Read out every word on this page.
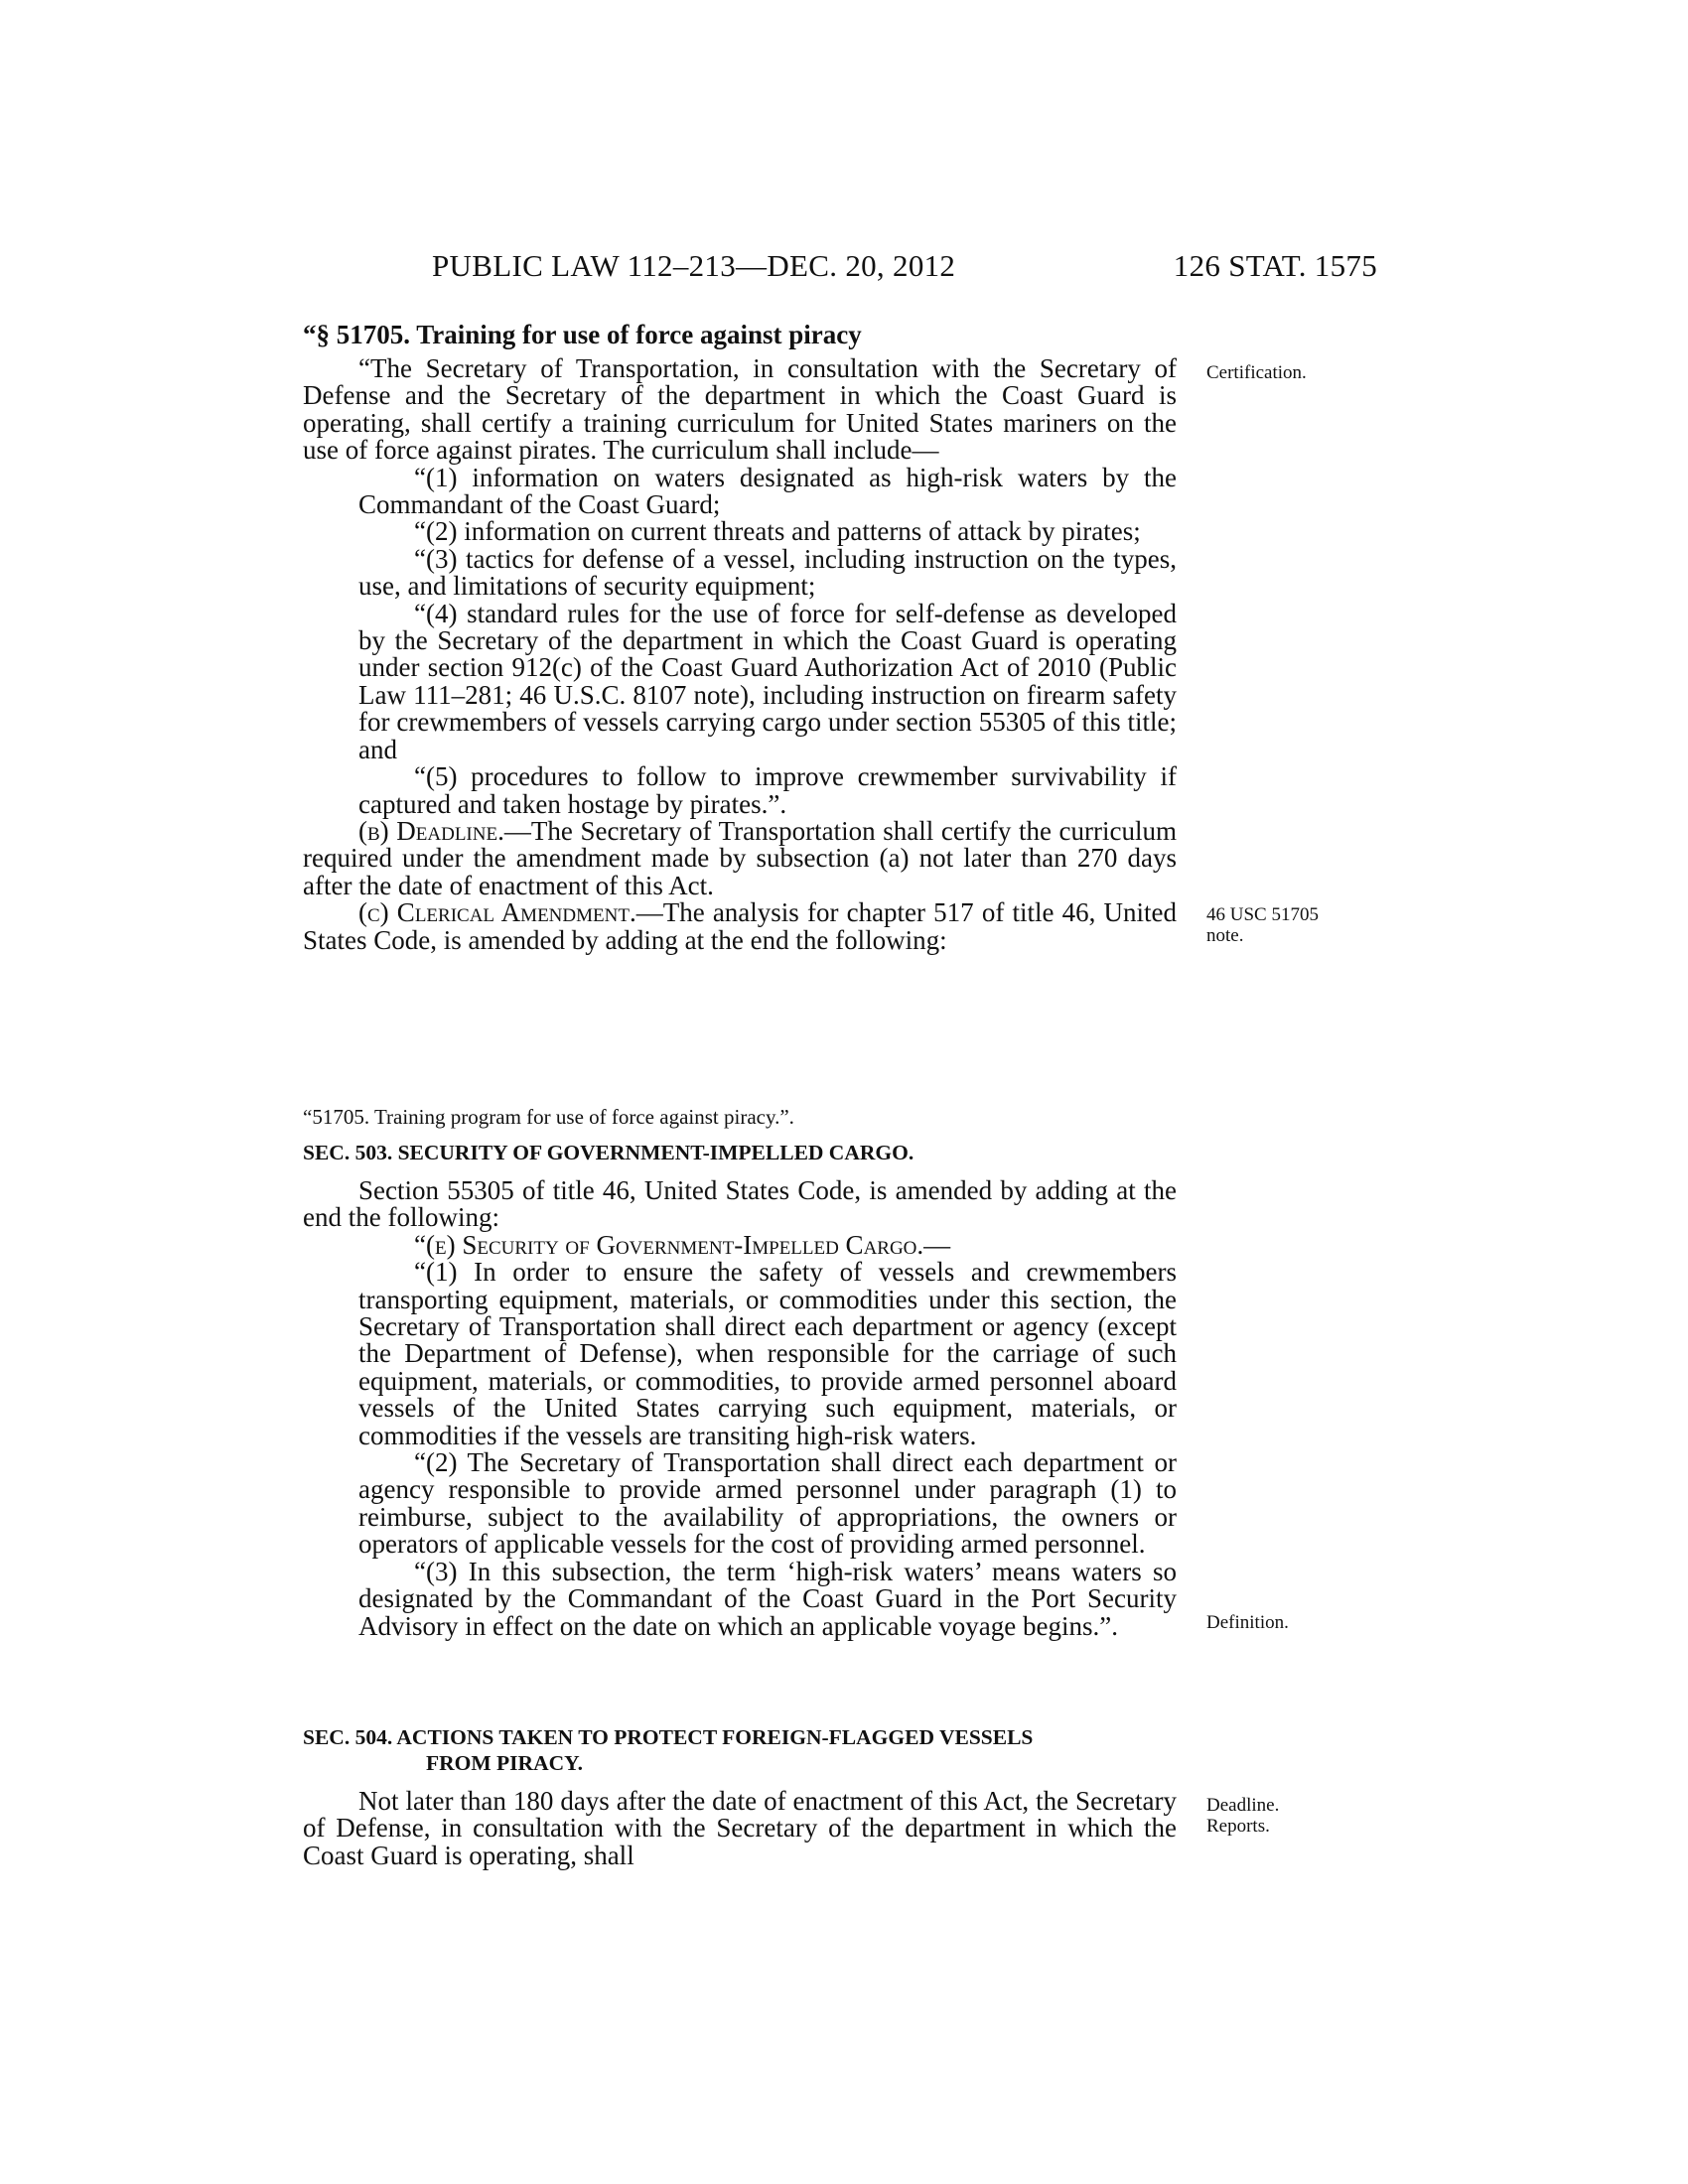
PUBLIC LAW 112–213—DEC. 20, 2012	126 STAT. 1575
“§ 51705. Training for use of force against piracy

“The Secretary of Transportation, in consultation with the Secretary of Defense and the Secretary of the department in which the Coast Guard is operating, shall certify a training curriculum for United States mariners on the use of force against pirates. The curriculum shall include—

“(1) information on waters designated as high-risk waters by the Commandant of the Coast Guard;

“(2) information on current threats and patterns of attack by pirates;

“(3) tactics for defense of a vessel, including instruction on the types, use, and limitations of security equipment;

“(4) standard rules for the use of force for self-defense as developed by the Secretary of the department in which the Coast Guard is operating under section 912(c) of the Coast Guard Authorization Act of 2010 (Public Law 111–281; 46 U.S.C. 8107 note), including instruction on firearm safety for crewmembers of vessels carrying cargo under section 55305 of this title; and

“(5) procedures to follow to improve crewmember survivability if captured and taken hostage by pirates.”.

(b) Deadline.—The Secretary of Transportation shall certify the curriculum required under the amendment made by subsection (a) not later than 270 days after the date of enactment of this Act.

(c) Clerical Amendment.—The analysis for chapter 517 of title 46, United States Code, is amended by adding at the end the following:

“51705. Training program for use of force against piracy.”.
SEC. 503. SECURITY OF GOVERNMENT-IMPELLED CARGO.

Section 55305 of title 46, United States Code, is amended by adding at the end the following:

“(e) Security of Government-Impelled Cargo.—

“(1) In order to ensure the safety of vessels and crewmembers transporting equipment, materials, or commodities under this section, the Secretary of Transportation shall direct each department or agency (except the Department of Defense), when responsible for the carriage of such equipment, materials, or commodities, to provide armed personnel aboard vessels of the United States carrying such equipment, materials, or commodities if the vessels are transiting high-risk waters.

“(2) The Secretary of Transportation shall direct each department or agency responsible to provide armed personnel under paragraph (1) to reimburse, subject to the availability of appropriations, the owners or operators of applicable vessels for the cost of providing armed personnel.

“(3) In this subsection, the term ‘high-risk waters’ means waters so designated by the Commandant of the Coast Guard in the Port Security Advisory in effect on the date on which an applicable voyage begins.”.

SEC. 504. ACTIONS TAKEN TO PROTECT FOREIGN-FLAGGED VESSELS
FROM PIRACY.

Not later than 180 days after the date of enactment of this Act, the Secretary of Defense, in consultation with the Secretary of the department in which the Coast Guard is operating, shall

Certification.
46 USC 51705
note.
Definition.
Deadline.
Reports.
